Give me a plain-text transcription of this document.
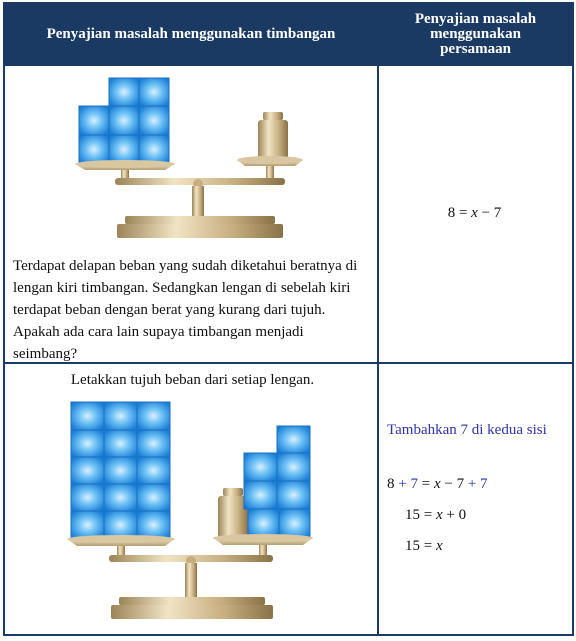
Penyajian masalah menggunakan timbangan	Penyajian masalah menggunakan persamaan

Terdapat delapan beban yang sudah diketahui beratnya di lengan kiri timbangan. Sedangkan lengan di sebelah kiri terdapat beban dengan berat yang kurang dari tujuh. Apakah ada cara lain supaya timbangan menjadi seimbang?	8 = x − 7

Letakkan tujuh beban dari setiap lengan.	Tambahkan 7 di kedua sisi
8 + 7 = x − 7 + 7
15 = x + 0
15 = x
